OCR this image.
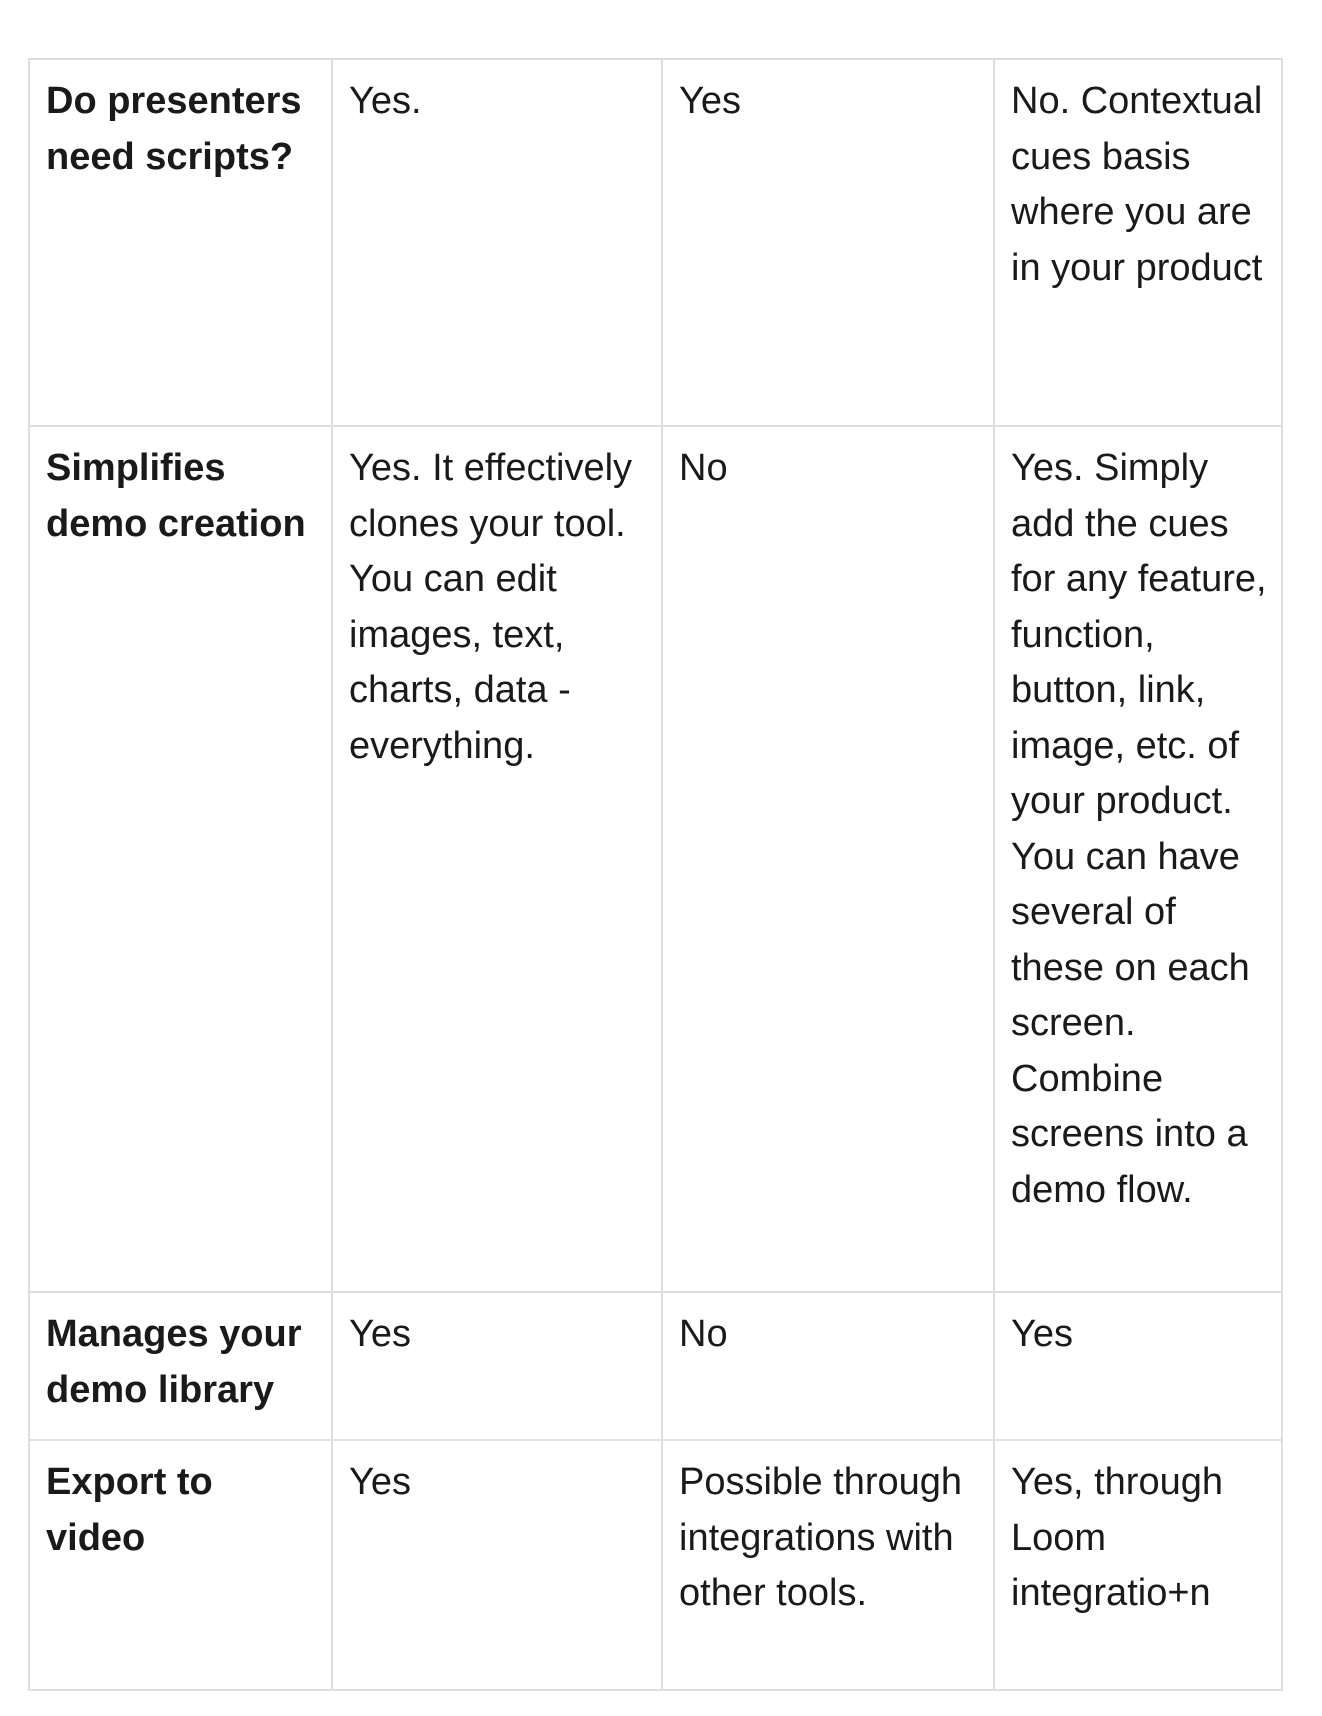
Do presenters need scripts?	Yes.	Yes	No. Contextual cues basis where you are in your product
Simplifies demo creation	Yes. It effectively clones your tool. You can edit images, text, charts, data - everything.	No	Yes. Simply add the cues for any feature, function, button, link, image, etc. of your product. You can have several of these on each screen. Combine screens into a demo flow.
Manages your demo library	Yes	No	Yes
Export to video	Yes	Possible through integrations with other tools.	Yes, through Loom integratio+n
